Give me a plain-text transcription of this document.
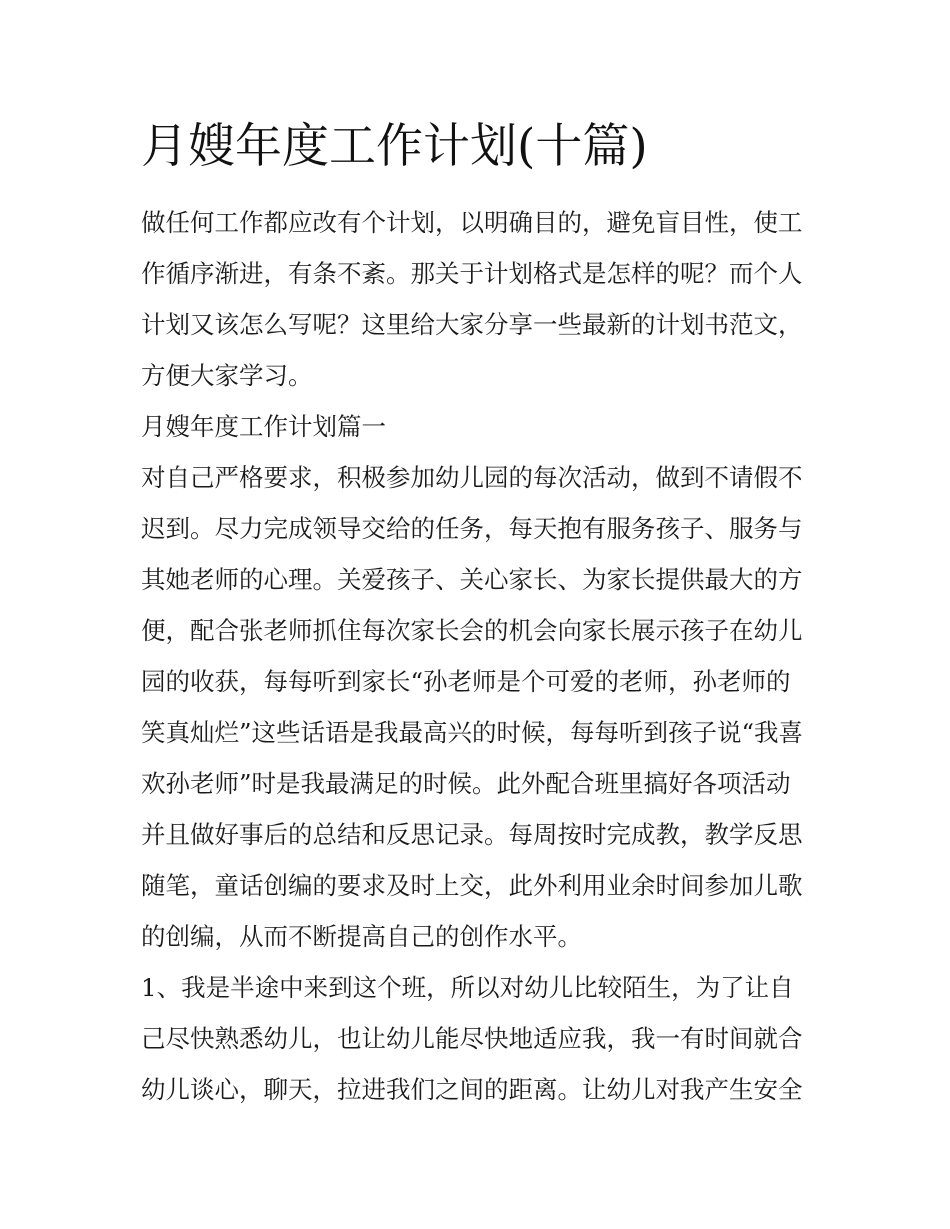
月嫂年度工作计划(十篇)
做任何工作都应改有个计划，以明确目的，避免盲目性，使工
作循序渐进，有条不紊。那关于计划格式是怎样的呢？而个人
计划又该怎么写呢？这里给大家分享一些最新的计划书范文，
方便大家学习。
月嫂年度工作计划篇一
对自己严格要求，积极参加幼儿园的每次活动，做到不请假不
迟到。尽力完成领导交给的任务，每天抱有服务孩子、服务与
其她老师的心理。关爱孩子、关心家长、为家长提供最大的方
便，配合张老师抓住每次家长会的机会向家长展示孩子在幼儿
园的收获，每每听到家长“孙老师是个可爱的老师，孙老师的
笑真灿烂”这些话语是我最高兴的时候，每每听到孩子说“我喜
欢孙老师”时是我最满足的时候。此外配合班里搞好各项活动
并且做好事后的总结和反思记录。每周按时完成教，教学反思
随笔，童话创编的要求及时上交，此外利用业余时间参加儿歌
的创编，从而不断提高自己的创作水平。
1、我是半途中来到这个班，所以对幼儿比较陌生，为了让自
己尽快熟悉幼儿，也让幼儿能尽快地适应我，我一有时间就合
幼儿谈心，聊天，拉进我们之间的距离。让幼儿对我产生安全
